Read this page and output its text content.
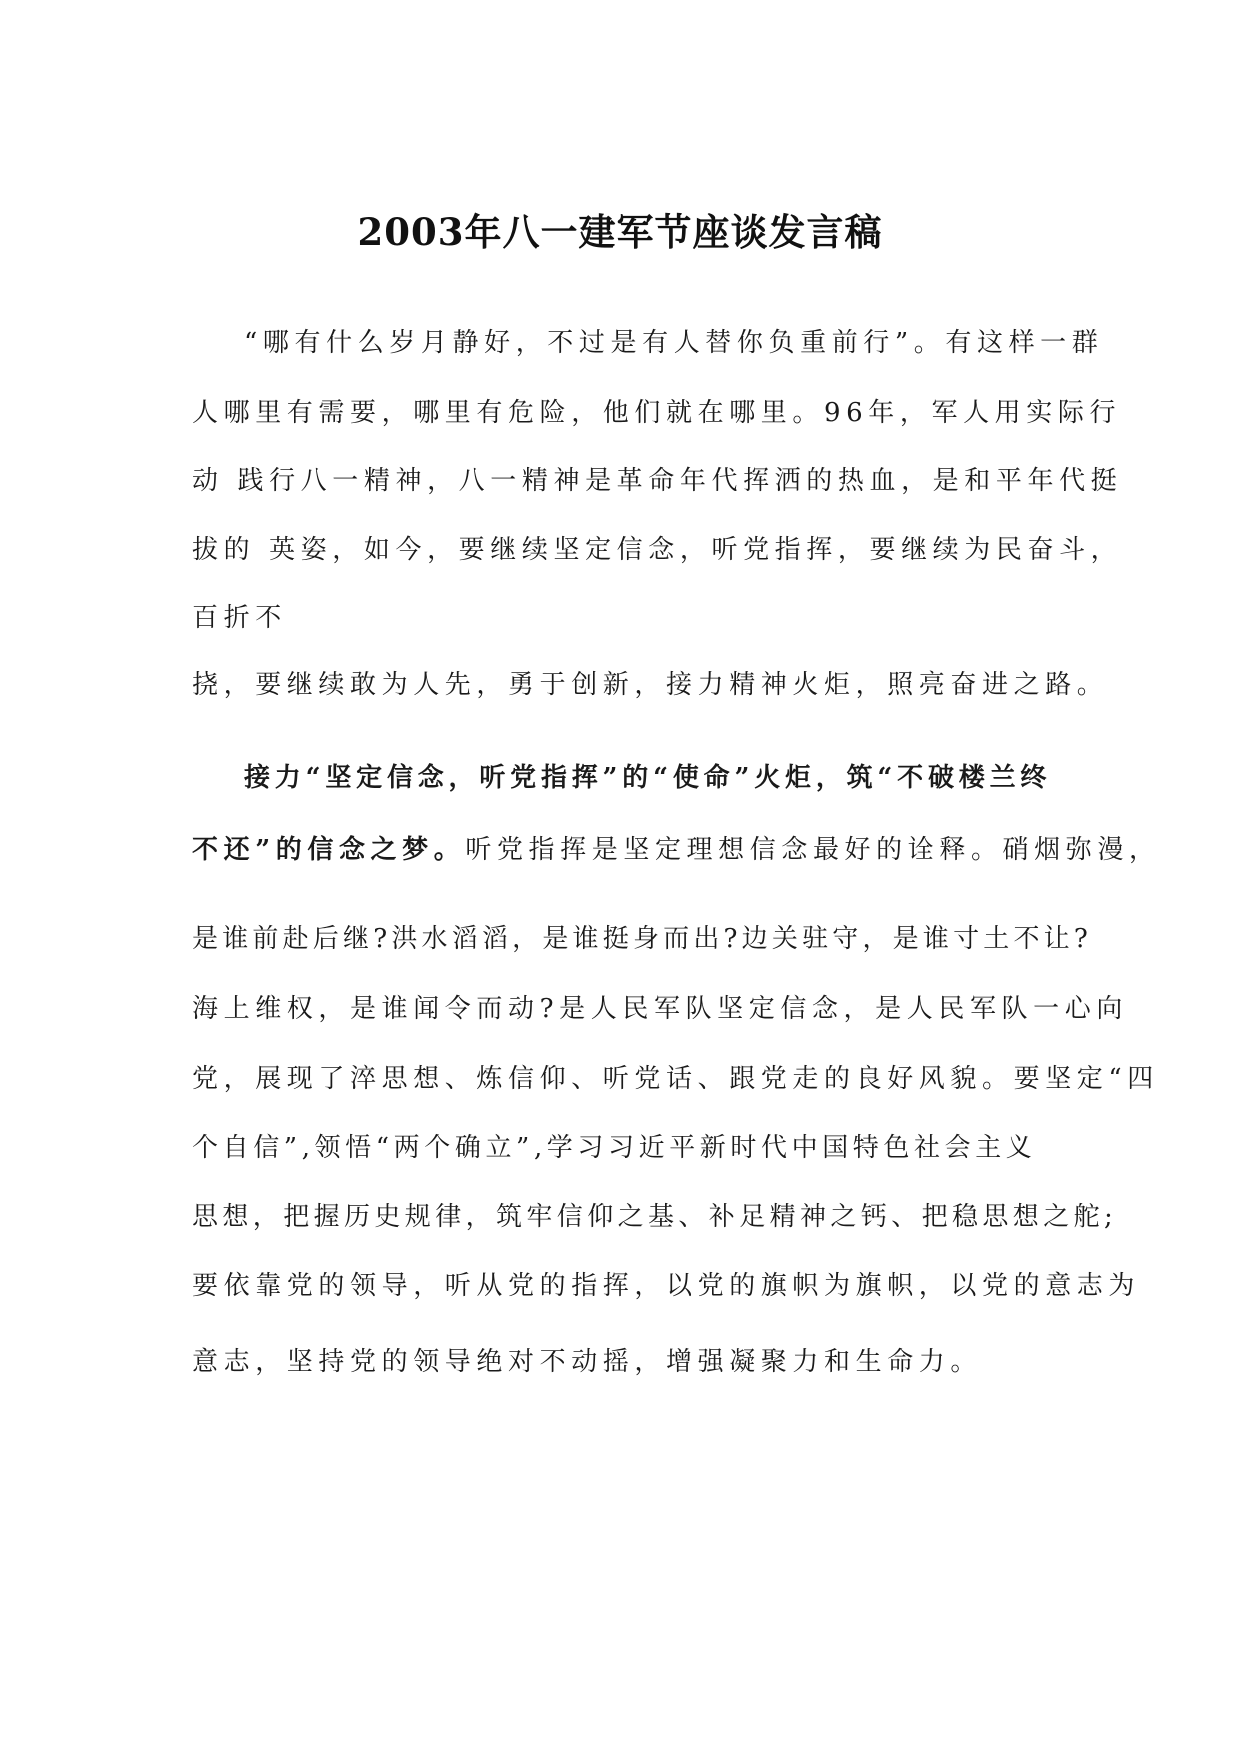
2003年八一建军节座谈发言稿
“哪有什么岁月静好，不过是有人替你负重前行”。有这样一群
人哪里有需要，哪里有危险，他们就在哪里。96年，军人用实际行
动 践行八一精神，八一精神是革命年代挥洒的热血，是和平年代挺
拔的 英姿，如今，要继续坚定信念，听党指挥，要继续为民奋斗，
百折不
挠，要继续敢为人先，勇于创新，接力精神火炬，照亮奋进之路。
接力“坚定信念，听党指挥”的“使命”火炬，筑“不破楼兰终
不还”的信念之梦。听党指挥是坚定理想信念最好的诠释。硝烟弥漫，
是谁前赴后继?洪水滔滔，是谁挺身而出?边关驻守，是谁寸土不让?
海上维权，是谁闻令而动?是人民军队坚定信念，是人民军队一心向
党，展现了淬思想、炼信仰、听党话、跟党走的良好风貌。要坚定“四
个自信”,领悟“两个确立”,学习习近平新时代中国特色社会主义
思想，把握历史规律，筑牢信仰之基、补足精神之钙、把稳思想之舵;
要依靠党的领导，听从党的指挥，以党的旗帜为旗帜，以党的意志为
意志，坚持党的领导绝对不动摇，增强凝聚力和生命力。
